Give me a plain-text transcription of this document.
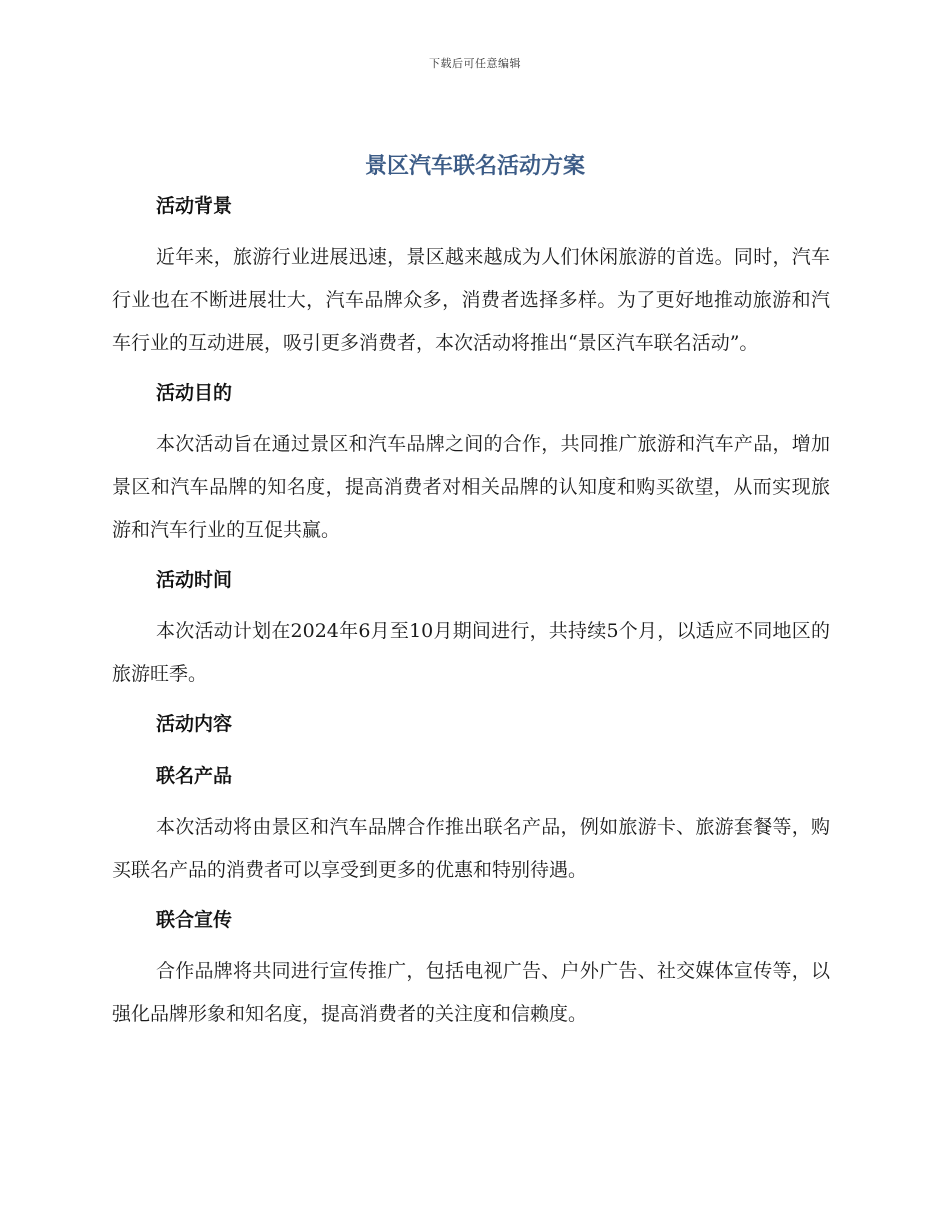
下载后可任意编辑
景区汽车联名活动方案
活动背景

近年来，旅游行业进展迅速，景区越来越成为人们休闲旅游的首选。同时，汽车行业也在不断进展壮大，汽车品牌众多，消费者选择多样。为了更好地推动旅游和汽车行业的互动进展，吸引更多消费者，本次活动将推出“景区汽车联名活动”。

活动目的

本次活动旨在通过景区和汽车品牌之间的合作，共同推广旅游和汽车产品，增加景区和汽车品牌的知名度，提高消费者对相关品牌的认知度和购买欲望，从而实现旅游和汽车行业的互促共赢。

活动时间

本次活动计划在2024年6月至10月期间进行，共持续5个月，以适应不同地区的旅游旺季。

活动内容
联名产品

本次活动将由景区和汽车品牌合作推出联名产品，例如旅游卡、旅游套餐等，购买联名产品的消费者可以享受到更多的优惠和特别待遇。

联合宣传

合作品牌将共同进行宣传推广，包括电视广告、户外广告、社交媒体宣传等，以强化品牌形象和知名度，提高消费者的关注度和信赖度。
